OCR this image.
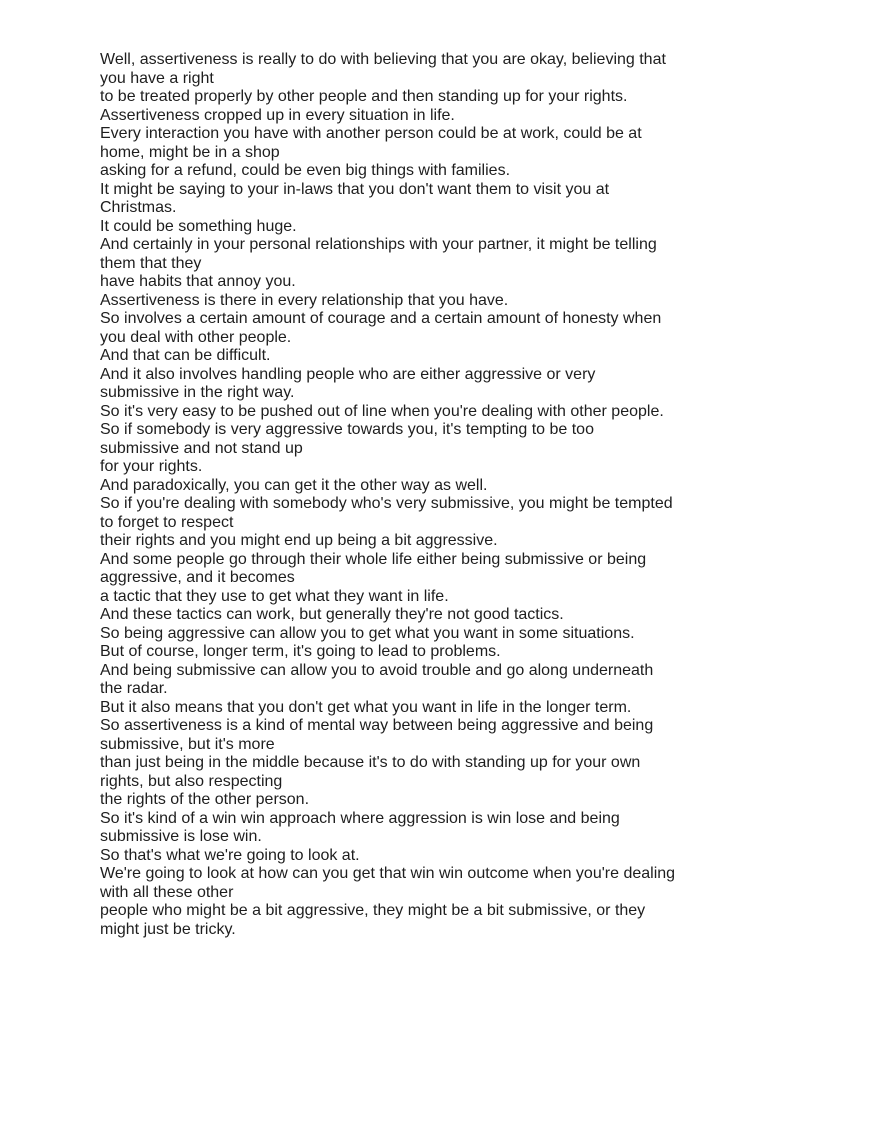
Well, assertiveness is really to do with believing that you are okay, believing that
you have a right
to be treated properly by other people and then standing up for your rights.
Assertiveness cropped up in every situation in life.
Every interaction you have with another person could be at work, could be at
home, might be in a shop
asking for a refund, could be even big things with families.
It might be saying to your in-laws that you don't want them to visit you at
Christmas.
It could be something huge.
And certainly in your personal relationships with your partner, it might be telling
them that they
have habits that annoy you.
Assertiveness is there in every relationship that you have.
So involves a certain amount of courage and a certain amount of honesty when
you deal with other people.
And that can be difficult.
And it also involves handling people who are either aggressive or very
submissive in the right way.
So it's very easy to be pushed out of line when you're dealing with other people.
So if somebody is very aggressive towards you, it's tempting to be too
submissive and not stand up
for your rights.
And paradoxically, you can get it the other way as well.
So if you're dealing with somebody who's very submissive, you might be tempted
to forget to respect
their rights and you might end up being a bit aggressive.
And some people go through their whole life either being submissive or being
aggressive, and it becomes
a tactic that they use to get what they want in life.
And these tactics can work, but generally they're not good tactics.
So being aggressive can allow you to get what you want in some situations.
But of course, longer term, it's going to lead to problems.
And being submissive can allow you to avoid trouble and go along underneath
the radar.
But it also means that you don't get what you want in life in the longer term.
So assertiveness is a kind of mental way between being aggressive and being
submissive, but it's more
than just being in the middle because it's to do with standing up for your own
rights, but also respecting
the rights of the other person.
So it's kind of a win win approach where aggression is win lose and being
submissive is lose win.
So that's what we're going to look at.
We're going to look at how can you get that win win outcome when you're dealing
with all these other
people who might be a bit aggressive, they might be a bit submissive, or they
might just be tricky.
